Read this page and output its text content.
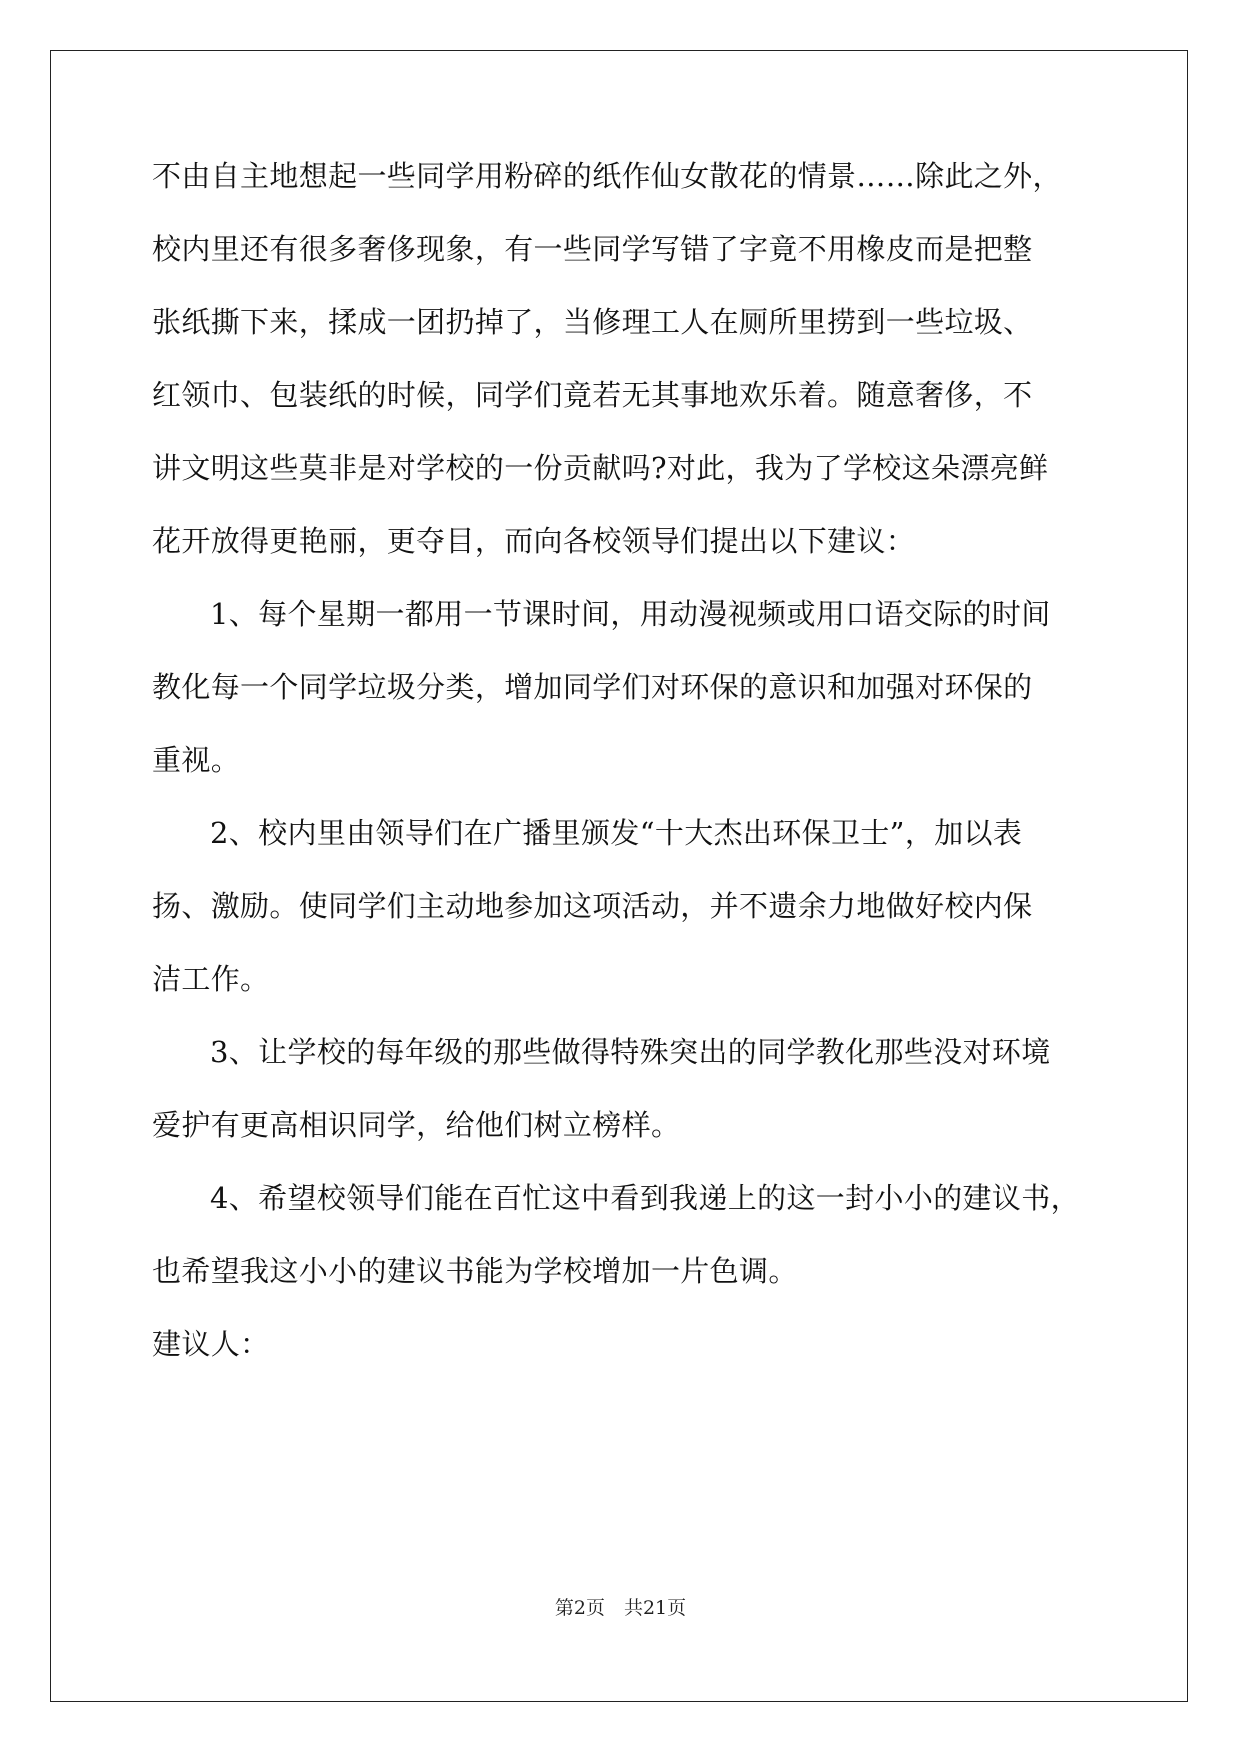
不由自主地想起一些同学用粉碎的纸作仙女散花的情景……除此之外，
校内里还有很多奢侈现象，有一些同学写错了字竟不用橡皮而是把整
张纸撕下来，揉成一团扔掉了，当修理工人在厕所里捞到一些垃圾、
红领巾、包装纸的时候，同学们竟若无其事地欢乐着。随意奢侈，不
讲文明这些莫非是对学校的一份贡献吗?对此，我为了学校这朵漂亮鲜
花开放得更艳丽，更夺目，而向各校领导们提出以下建议：
1、每个星期一都用一节课时间，用动漫视频或用口语交际的时间
教化每一个同学垃圾分类，增加同学们对环保的意识和加强对环保的
重视。
2、校内里由领导们在广播里颁发“十大杰出环保卫士”，加以表
扬、激励。使同学们主动地参加这项活动，并不遗余力地做好校内保
洁工作。
3、让学校的每年级的那些做得特殊突出的同学教化那些没对环境
爱护有更高相识同学，给他们树立榜样。
4、希望校领导们能在百忙这中看到我递上的这一封小小的建议书，
也希望我这小小的建议书能为学校增加一片色调。
建议人：
第2页　共21页
